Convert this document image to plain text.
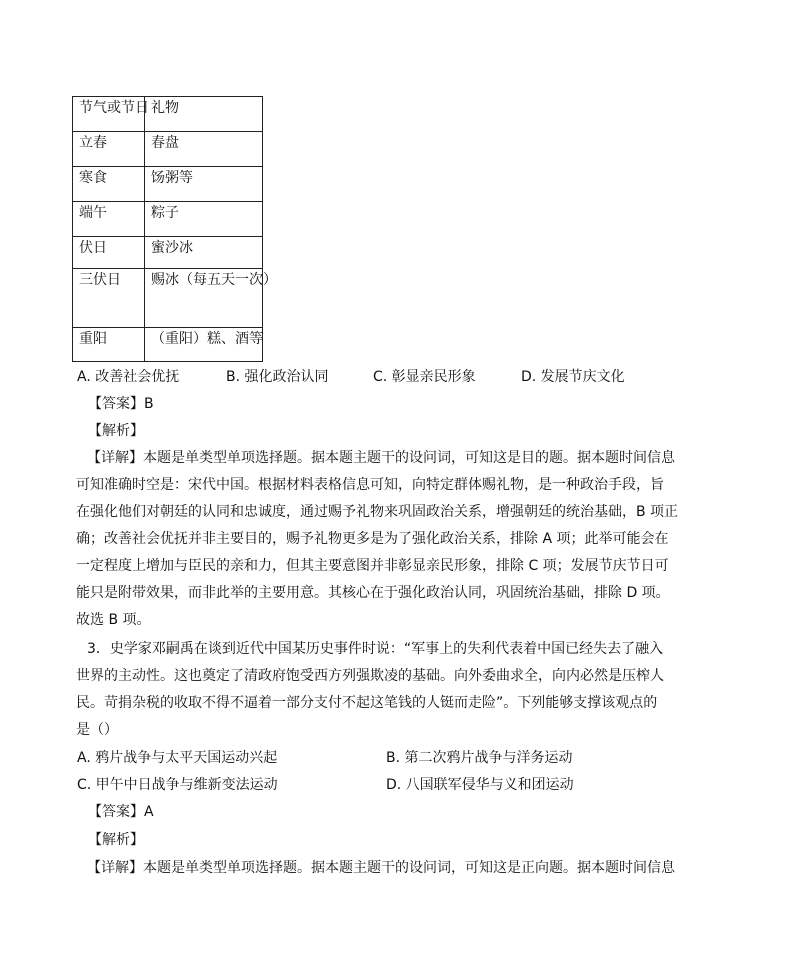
节气或节日	礼物
立春	春盘
寒食	饧粥等
端午	粽子
伏日	蜜沙冰
三伏日	赐冰（每五天一次）
重阳	（重阳）糕、酒等
A. 改善社会优抚	B. 强化政治认同	C. 彰显亲民形象	D. 发展节庆文化
【答案】B
【解析】
【详解】本题是单类型单项选择题。据本题主题干的设问词，可知这是目的题。据本题时间信息
可知准确时空是：宋代中国。根据材料表格信息可知，向特定群体赐礼物，是一种政治手段，旨
在强化他们对朝廷的认同和忠诚度，通过赐予礼物来巩固政治关系，增强朝廷的统治基础，B 项正
确；改善社会优抚并非主要目的，赐予礼物更多是为了强化政治关系，排除 A 项；此举可能会在
一定程度上增加与臣民的亲和力，但其主要意图并非彰显亲民形象，排除 C 项；发展节庆节日可
能只是附带效果，而非此举的主要用意。其核心在于强化政治认同，巩固统治基础，排除 D 项。
故选 B 项。
3．史学家邓嗣禹在谈到近代中国某历史事件时说：“军事上的失利代表着中国已经失去了融入
世界的主动性。这也奠定了清政府饱受西方列强欺凌的基础。向外委曲求全，向内必然是压榨人
民。苛捐杂税的收取不得不逼着一部分支付不起这笔钱的人铤而走险”。下列能够支撑该观点的
是（）
A. 鸦片战争与太平天国运动兴起	B. 第二次鸦片战争与洋务运动
C. 甲午中日战争与维新变法运动	D. 八国联军侵华与义和团运动
【答案】A
【解析】
【详解】本题是单类型单项选择题。据本题主题干的设问词，可知这是正向题。据本题时间信息
